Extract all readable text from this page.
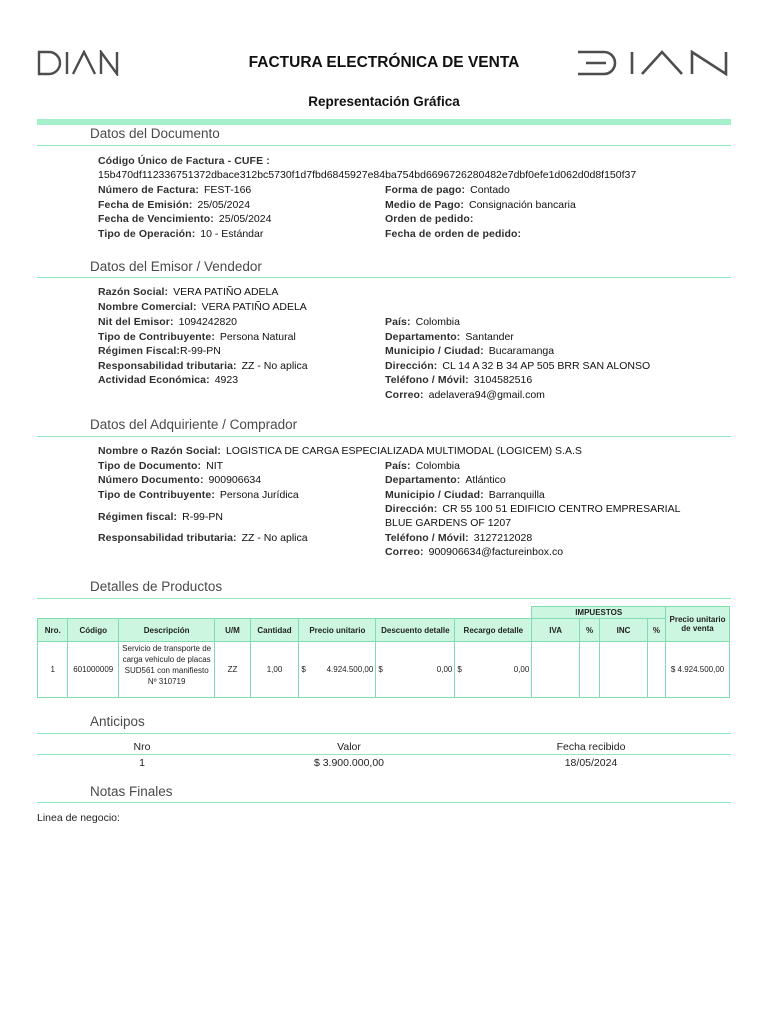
FACTURA ELECTRÓNICA DE VENTA
Representación Gráfica
Datos del Documento
Código Único de Factura - CUFE :
15b470df112336751372dbace312bc5730f1d7fbd6845927e84ba754bd6696726280482e7dbf0efe1d062d0d8f150f37
Número de Factura: FEST-166
Fecha de Emisión: 25/05/2024
Fecha de Vencimiento: 25/05/2024
Tipo de Operación: 10 - Estándar
Forma de pago: Contado
Medio de Pago: Consignación bancaria
Orden de pedido:
Fecha de orden de pedido:
Datos del Emisor / Vendedor
Razón Social: VERA PATIÑO ADELA
Nombre Comercial: VERA PATIÑO ADELA
Nit del Emisor: 1094242820
Tipo de Contribuyente: Persona Natural
Régimen Fiscal:R-99-PN
Responsabilidad tributaria: ZZ - No aplica
Actividad Económica: 4923
País: Colombia
Departamento: Santander
Municipio / Ciudad: Bucaramanga
Dirección: CL 14 A 32 B 34 AP 505 BRR SAN ALONSO
Teléfono / Móvil: 3104582516
Correo: adelavera94@gmail.com
Datos del Adquiriente / Comprador
Nombre o Razón Social: LOGISTICA DE CARGA ESPECIALIZADA MULTIMODAL (LOGICEM) S.A.S
Tipo de Documento: NIT
Número Documento: 900906634
Tipo de Contribuyente: Persona Jurídica
Régimen fiscal: R-99-PN
Responsabilidad tributaria: ZZ - No aplica
País: Colombia
Departamento: Atlántico
Municipio / Ciudad: Barranquilla
Dirección: CR 55 100 51 EDIFICIO CENTRO EMPRESARIAL
BLUE GARDENS OF 1207
Teléfono / Móvil: 3127212028
Correo: 900906634@factureinbox.co
Detalles de Productos
								IMPUESTOS				Precio unitario de venta
Nro.	Código	Descripción	U/M	Cantidad	Precio unitario	Descuento detalle	Recargo detalle	IVA	%	INC	%	
1	601000009	Servicio de transporte de carga vehiculo de placas SUD561 con manifiesto Nº 310719	ZZ	1,00	$ 4.924.500,00	$ 0,00	$ 0,00					$ 4.924.500,00
Anticipos
Nro	Valor	Fecha recibido
1	$ 3.900.000,00	18/05/2024
Notas Finales
Linea de negocio:
